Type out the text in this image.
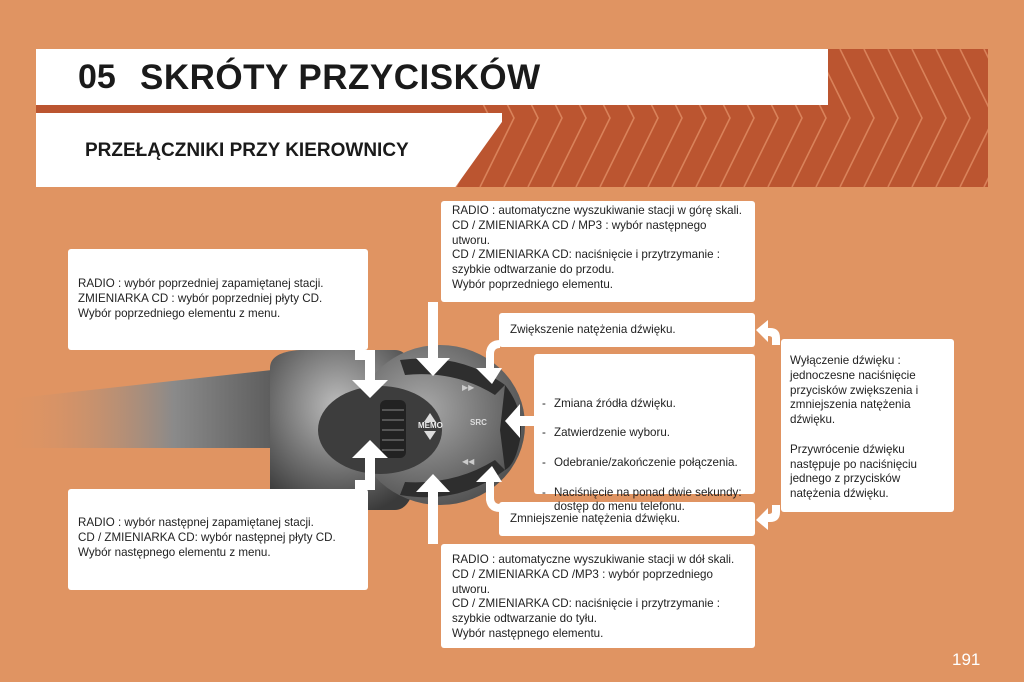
05 SKRÓTY PRZYCISKÓW
PRZEŁĄCZNIKI PRZY KIEROWNICY
MEMO
▶▶
◀◀
SRC
RADIO : wybór poprzedniej zapamiętanej stacji.
ZMIENIARKA CD : wybór poprzedniej płyty CD.
Wybór poprzedniego elementu z menu.
RADIO : wybór następnej zapamiętanej stacji.
CD / ZMIENIARKA CD: wybór następnej płyty CD.
Wybór następnego elementu z menu.
RADIO : automatyczne wyszukiwanie stacji w górę skali.
CD / ZMIENIARKA CD / MP3 : wybór następnego utworu.
CD / ZMIENIARKA CD: naciśnięcie i przytrzymanie : szybkie odtwarzanie do przodu.
Wybór poprzedniego elementu.
RADIO : automatyczne wyszukiwanie stacji w dół skali.
CD / ZMIENIARKA CD /MP3 : wybór poprzedniego utworu.
CD / ZMIENIARKA CD: naciśnięcie i przytrzymanie : szybkie odtwarzanie do tyłu.
Wybór następnego elementu.
Zwiększenie natężenia dźwięku.
Zmniejszenie natężenia dźwięku.

- Zmiana źródła dźwięku.

- Zatwierdzenie wyboru.

- Odebranie/zakończenie połączenia.

- Naciśnięcie na ponad dwie sekundy: dostęp do menu telefonu.

Wyłączenie dźwięku : jednoczesne naciśnięcie przycisków zwiększenia i zmniejszenia natężenia dźwięku.

Przywrócenie dźwięku następuje po naciśnięciu jednego z przycisków natężenia dźwięku.
191
